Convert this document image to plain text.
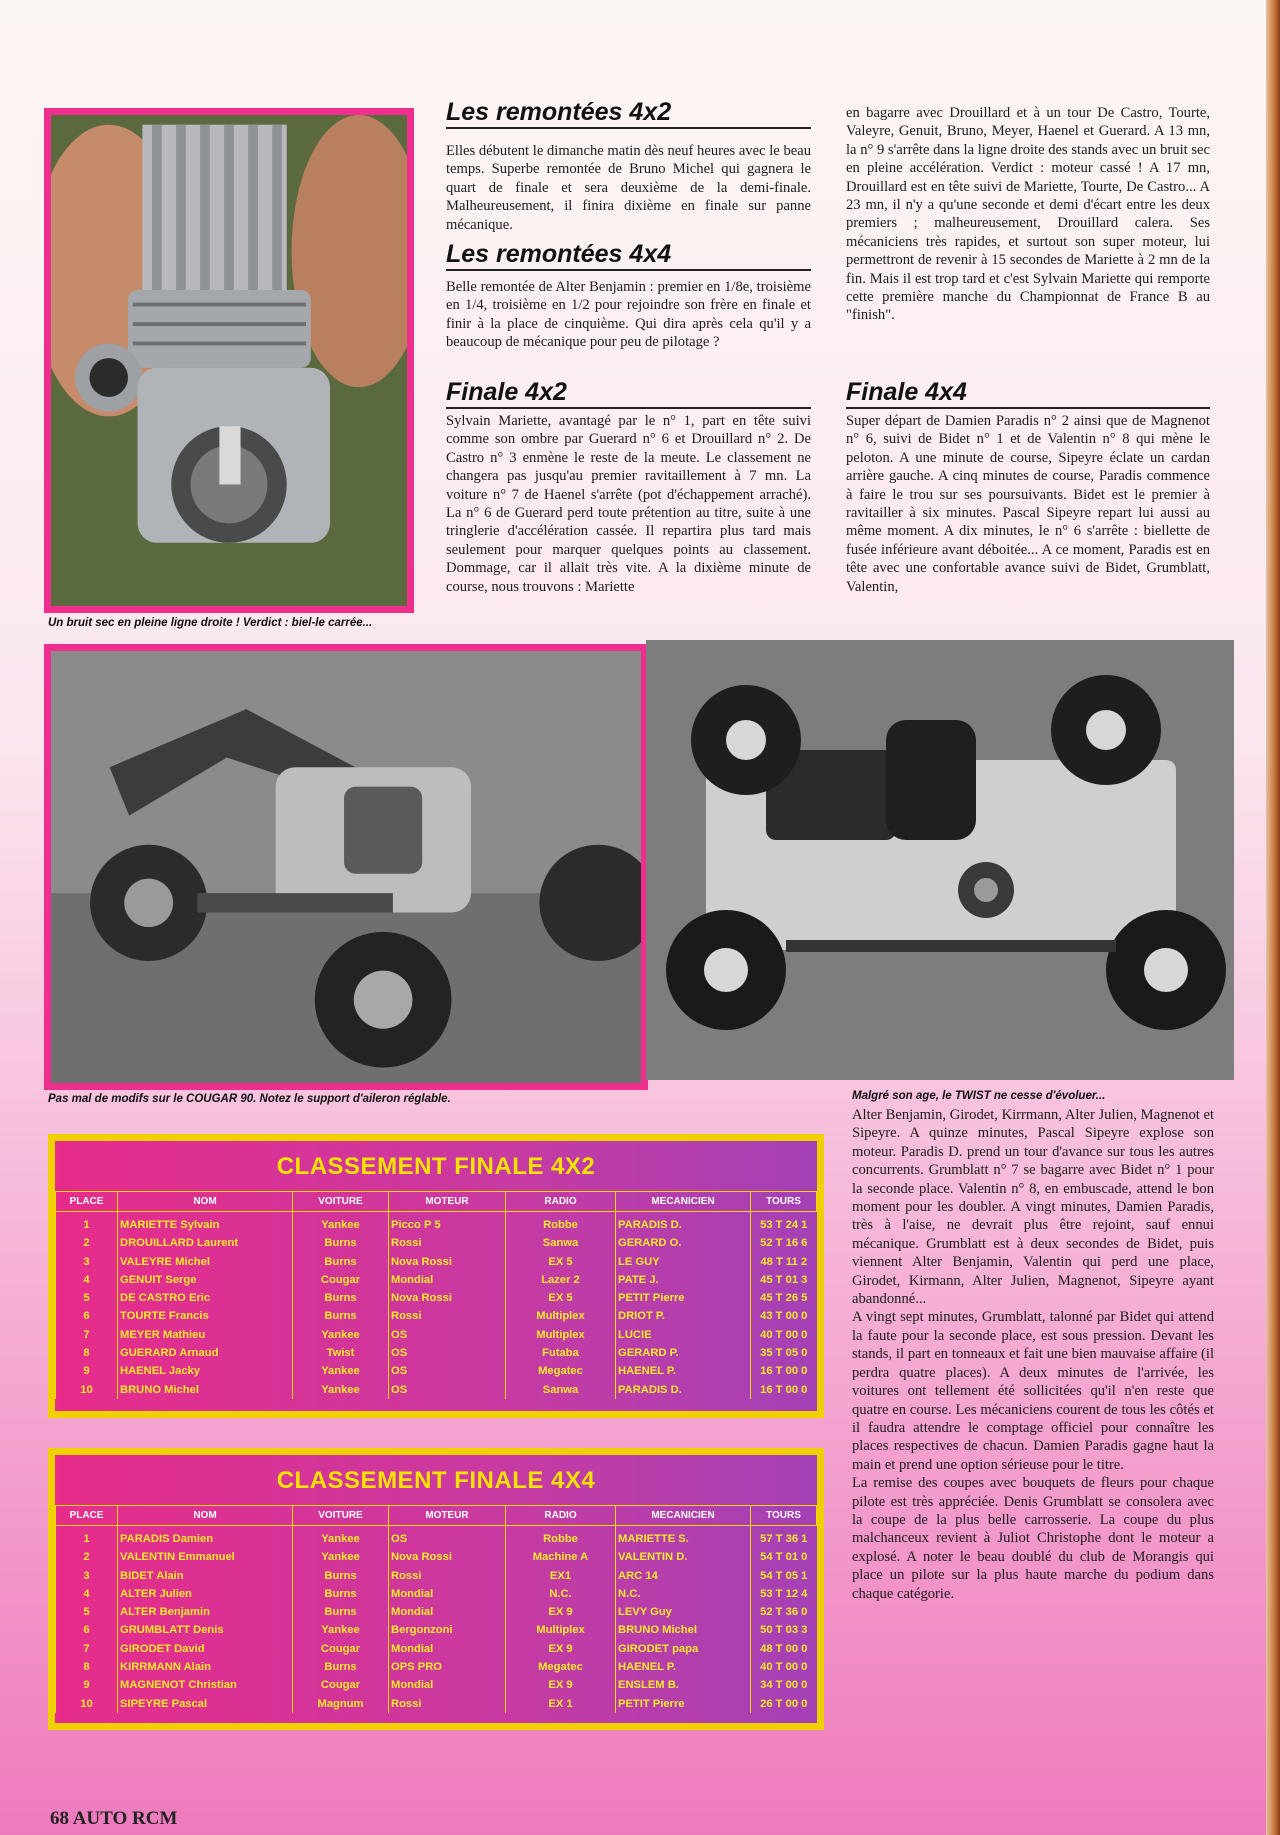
Un bruit sec en pleine ligne droite ! Verdict : biel-le carrée...
Les remontées 4x2

Elles débutent le dimanche matin dès neuf heures avec le beau temps. Superbe remontée de Bruno Michel qui gagnera le quart de finale et sera deuxième de la demi-finale. Malheureusement, il finira dixième en finale sur panne mécanique.

Les remontées 4x4

Belle remontée de Alter Benjamin : premier en 1/8e, troisième en 1/4, troisième en 1/2 pour rejoindre son frère en finale et finir à la place de cinquième. Qui dira après cela qu'il y a beaucoup de mécanique pour peu de pilotage ?

Finale 4x2

Sylvain Mariette, avantagé par le n° 1, part en tête suivi comme son ombre par Guerard n° 6 et Drouillard n° 2. De Castro n° 3 enmène le reste de la meute. Le classement ne changera pas jusqu'au premier ravitaillement à 7 mn. La voiture n° 7 de Haenel s'arrête (pot d'échappement arraché). La n° 6 de Guerard perd toute prétention au titre, suite à une tringlerie d'accélération cassée. Il repartira plus tard mais seulement pour marquer quelques points au classement. Dommage, car il allait très vite. A la dixième minute de course, nous trouvons : Mariette

en bagarre avec Drouillard et à un tour De Castro, Tourte, Valeyre, Genuit, Bruno, Meyer, Haenel et Guerard. A 13 mn, la n° 9 s'arrête dans la ligne droite des stands avec un bruit sec en pleine accélération. Verdict : moteur cassé ! A 17 mn, Drouillard est en tête suivi de Mariette, Tourte, De Castro... A 23 mn, il n'y a qu'une seconde et demi d'écart entre les deux premiers ; malheureusement, Drouillard calera. Ses mécaniciens très rapides, et surtout son super moteur, lui permettront de revenir à 15 secondes de Mariette à 2 mn de la fin. Mais il est trop tard et c'est Sylvain Mariette qui remporte cette première manche du Championnat de France B au "finish".

Finale 4x4

Super départ de Damien Paradis n° 2 ainsi que de Magnenot n° 6, suivi de Bidet n° 1 et de Valentin n° 8 qui mène le peloton. A une minute de course, Sipeyre éclate un cardan arrière gauche. A cinq minutes de course, Paradis commence à faire le trou sur ses poursuivants. Bidet est le premier à ravitailler à six minutes. Pascal Sipeyre repart lui aussi au même moment. A dix minutes, le n° 6 s'arrête : biellette de fusée inférieure avant déboitée... A ce moment, Paradis est en tête avec une confortable avance suivi de Bidet, Grumblatt, Valentin,

Pas mal de modifs sur le COUGAR 90. Notez le support d'aileron réglable.	Malgré son age, le TWIST ne cesse d'évoluer...

Alter Benjamin, Girodet, Kirrmann, Alter Julien, Magnenot et Sipeyre. A quinze minutes, Pascal Sipeyre explose son moteur. Paradis D. prend un tour d'avance sur tous les autres concurrents. Grumblatt n° 7 se bagarre avec Bidet n° 1 pour la seconde place. Valentin n° 8, en embuscade, attend le bon moment pour les doubler. A vingt minutes, Damien Paradis, très à l'aise, ne devrait plus être rejoint, sauf ennui mécanique. Grumblatt est à deux secondes de Bidet, puis viennent Alter Benjamin, Valentin qui perd une place, Girodet, Kirmann, Alter Julien, Magnenot, Sipeyre ayant abandonné...

A vingt sept minutes, Grumblatt, talonné par Bidet qui attend la faute pour la seconde place, est sous pression. Devant les stands, il part en tonneaux et fait une bien mauvaise affaire (il perdra quatre places). A deux minutes de l'arrivée, les voitures ont tellement été sollicitées qu'il n'en reste que quatre en course. Les mécaniciens courent de tous les côtés et il faudra attendre le comptage officiel pour connaître les places respectives de chacun. Damien Paradis gagne haut la main et prend une option sérieuse pour le titre.

La remise des coupes avec bouquets de fleurs pour chaque pilote est très appréciée. Denis Grumblatt se consolera avec la coupe de la plus belle carrosserie. La coupe du plus malchanceux revient à Juliot Christophe dont le moteur a explosé. A noter le beau doublé du club de Morangis qui place un pilote sur la plus haute marche du podium dans chaque catégorie.

CLASSEMENT FINALE 4X2
PLACE	NOM	VOITURE	MOTEUR	RADIO	MECANICIEN	TOURS
1	MARIETTE Sylvain	Yankee	Picco P 5	Robbe	PARADIS D.	53 T 24 1
2	DROUILLARD Laurent	Burns	Rossi	Sanwa	GERARD O.	52 T 16 6
3	VALEYRE Michel	Burns	Nova Rossi	EX 5	LE GUY	48 T 11 2
4	GENUIT Serge	Cougar	Mondial	Lazer 2	PATE J.	45 T 01 3
5	DE CASTRO Eric	Burns	Nova Rossi	EX 5	PETIT Pierre	45 T 26 5
6	TOURTE Francis	Burns	Rossi	Multiplex	DRIOT P.	43 T 00 0
7	MEYER Mathieu	Yankee	OS	Multiplex	LUCIE	40 T 00 0
8	GUERARD Arnaud	Twist	OS	Futaba	GERARD P.	35 T 05 0
9	HAENEL Jacky	Yankee	OS	Megatec	HAENEL P.	16 T 00 0
10	BRUNO Michel	Yankee	OS	Sanwa	PARADIS D.	16 T 00 0
CLASSEMENT FINALE 4X4
PLACE	NOM	VOITURE	MOTEUR	RADIO	MECANICIEN	TOURS
1	PARADIS Damien	Yankee	OS	Robbe	MARIETTE S.	57 T 36 1
2	VALENTIN Emmanuel	Yankee	Nova Rossi	Machine A	VALENTIN D.	54 T 01 0
3	BIDET Alain	Burns	Rossi	EX1	ARC 14	54 T 05 1
4	ALTER Julien	Burns	Mondial	N.C.	N.C.	53 T 12 4
5	ALTER Benjamin	Burns	Mondial	EX 9	LEVY Guy	52 T 36 0
6	GRUMBLATT Denis	Yankee	Bergonzoni	Multiplex	BRUNO Michel	50 T 03 3
7	GIRODET David	Cougar	Mondial	EX 9	GIRODET papa	48 T 00 0
8	KIRRMANN Alain	Burns	OPS PRO	Megatec	HAENEL P.	40 T 00 0
9	MAGNENOT Christian	Cougar	Mondial	EX 9	ENSLEM B.	34 T 00 0
10	SIPEYRE Pascal	Magnum	Rossi	EX 1	PETIT Pierre	26 T 00 0
68 AUTO RCM
